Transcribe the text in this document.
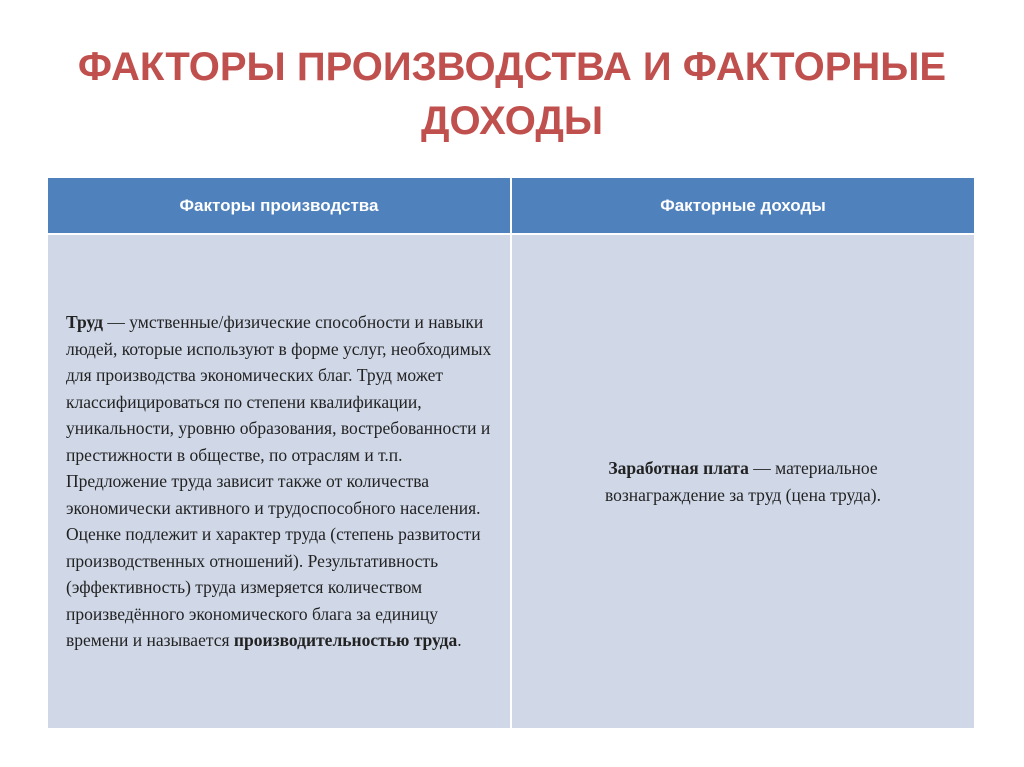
ФАКТОРЫ ПРОИЗВОДСТВА И ФАКТОРНЫЕ
ДОХОДЫ
Факторы производства	Факторные доходы
Труд — умственные/физические способности и навыки людей, которые используют в форме услуг, необходимых для производства экономических благ. Труд может классифицироваться по степени квалификации, уникальности, уровню образования, востребованности и престижности в обществе, по отраслям и т.п. Предложение труда зависит также от количества экономически активного и трудоспособного населения. Оценке подлежит и характер труда (степень развитости производственных отношений). Результативность (эффективность) труда измеряется количеством произведённого экономического блага за единицу времени и называется производительностью труда.	Заработная плата — материальное вознаграждение за труд (цена труда).
